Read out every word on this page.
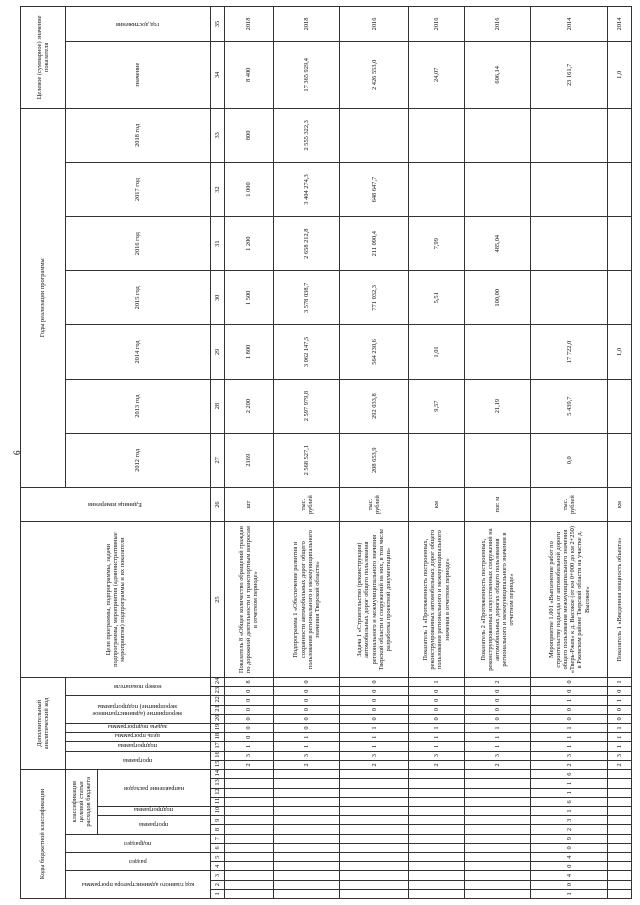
6
Коды бюджетной классификации														Дополнительный аналитический код										Цели программы, подпрограммы, задачи подпрограммы, мероприятия (административные мероприятия) подпрограммы и их показатели	Единица измерения	Годы реализации программы							Целевое (суммарное) значение показателя	

код главного администратора программы			раздел		подраздел		классификация целевой статьи расходов бюджета							программа		подпрограмма	цель программы	задача подпрограммы	мероприятие (административное мероприятие) подпрограммы			номер показателя				2012 год	2013 год	2014 год	2015 год	2016 год	2017 год	2018 год	значение	год достижения

							программа		подпрограмма	направление расходов																								

1	2	3	4	5	6	7	8	9	10	11	12	13	14	15	16	17	18	19	20	21	22	23	24	25	26	27	28	29	30	31	32	33	34	35
														2	3	1	0	0	0	0	0	0	8	Показатель 8 «Общее количество обращений граждан по дорожной деятельности и транспортным вопросам в отчетном периоде»	шт	2169	2 200	1 800	1 500	1 200	1 000	800	8 400	2018
														2	3	1	1	0	0	0	0	0	0	Подпрограмма 1 «Обеспечение развития и сохранности автомобильных дорог общего пользования регионального и межмуниципального значения Тверской области»	тыс. рублей	2 568 527,1	2 597 979,8	3 062 147,5	3 578 038,7	2 658 212,8	3 404 274,3	2 555 322,3	17 365 929,4	2018
														2	3	1	1	1	0	0	0	0	0	Задача 1 «Строительство (реконструкция) автомобильных дорог общего пользования регионального и межмуниципального значения Тверской области и сооружений на них, в том числе разработка проектной документации»	тыс. рублей	208 653,9	292 033,8	564 230,6	771 032,3	211 090,4	648 647,7		2 426 553,0	2016
														2	3	1	1	1	0	0	0	0	1	Показатель 1 «Протяженность построенных, реконструированных автомобильных дорог общего пользования регионального и межмуниципального значения в отчетном периоде»	км		9,57	1,01	5,51	7,99			24,07	2016
														2	3	1	1	1	0	0	0	0	2	Показатель 2 «Протяженность построенных, реконструированных искусственных сооружений на автомобильных дорогах общего пользования регионального и межмуниципального значения в отчетном периоде»	пог. м		21,19		100,00	485,04			606,14	2016
1	0	4	0	4	0	9	2	3	1	6	1	1	6	2	3	1	1	1	0	0	1	0	0	Мероприятие 1.001 «Выполнение работ по строительству подъезда от автомобильной дороги общего пользования межмуниципального значения «Тверь-Ржев» к д. Высокое (от км 0+000 до км 2+250) в Ржевском районе Тверской области на участке д. Высокое»	тыс. рублей	0,0	5 439,7	17 722,0					23 161,7	2014
														2	3	1	1	1	0	0	1	0	1	Показатель 1 «Введенная мощность объекта»	км			1,0					1,0	2014
